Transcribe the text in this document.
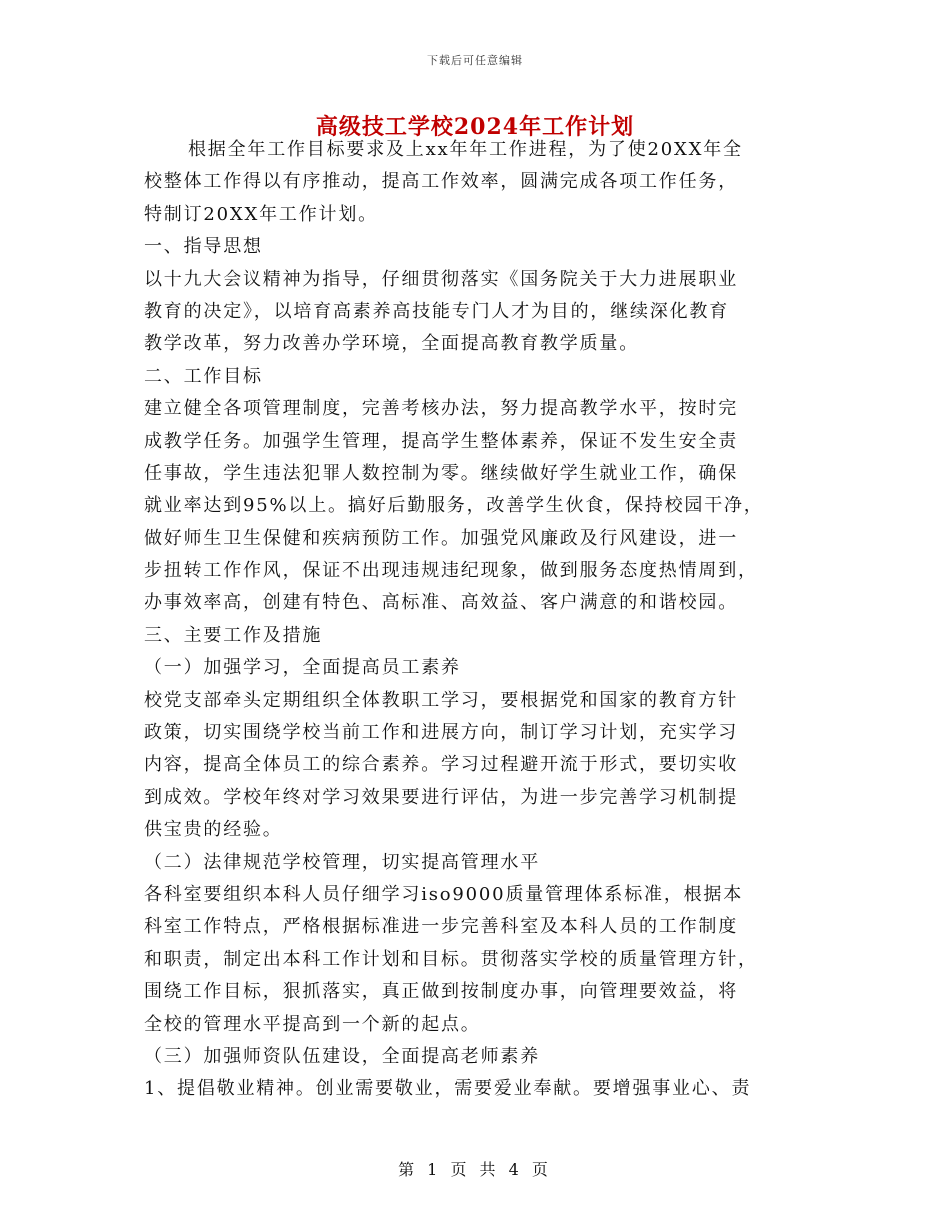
下载后可任意编辑
高级技工学校2024年工作计划
根据全年工作目标要求及上xx年年工作进程，为了使20XX年全
校整体工作得以有序推动，提高工作效率，圆满完成各项工作任务，
特制订20XX年工作计划。
一、指导思想
以十九大会议精神为指导，仔细贯彻落实《国务院关于大力进展职业
教育的决定》，以培育高素养高技能专门人才为目的，继续深化教育
教学改革，努力改善办学环境，全面提高教育教学质量。
二、工作目标
建立健全各项管理制度，完善考核办法，努力提高教学水平，按时完
成教学任务。加强学生管理，提高学生整体素养，保证不发生安全责
任事故，学生违法犯罪人数控制为零。继续做好学生就业工作，确保
就业率达到95%以上。搞好后勤服务，改善学生伙食，保持校园干净，
做好师生卫生保健和疾病预防工作。加强党风廉政及行风建设，进一
步扭转工作作风，保证不出现违规违纪现象，做到服务态度热情周到，
办事效率高，创建有特色、高标准、高效益、客户满意的和谐校园。
三、主要工作及措施
（一）加强学习，全面提高员工素养
校党支部牵头定期组织全体教职工学习，要根据党和国家的教育方针
政策，切实围绕学校当前工作和进展方向，制订学习计划，充实学习
内容，提高全体员工的综合素养。学习过程避开流于形式，要切实收
到成效。学校年终对学习效果要进行评估，为进一步完善学习机制提
供宝贵的经验。
（二）法律规范学校管理，切实提高管理水平
各科室要组织本科人员仔细学习iso9000质量管理体系标准，根据本
科室工作特点，严格根据标准进一步完善科室及本科人员的工作制度
和职责，制定出本科工作计划和目标。贯彻落实学校的质量管理方针，
围绕工作目标，狠抓落实，真正做到按制度办事，向管理要效益，将
全校的管理水平提高到一个新的起点。
（三）加强师资队伍建设，全面提高老师素养
1、提倡敬业精神。创业需要敬业，需要爱业奉献。要增强事业心、责
第 1 页 共 4 页
